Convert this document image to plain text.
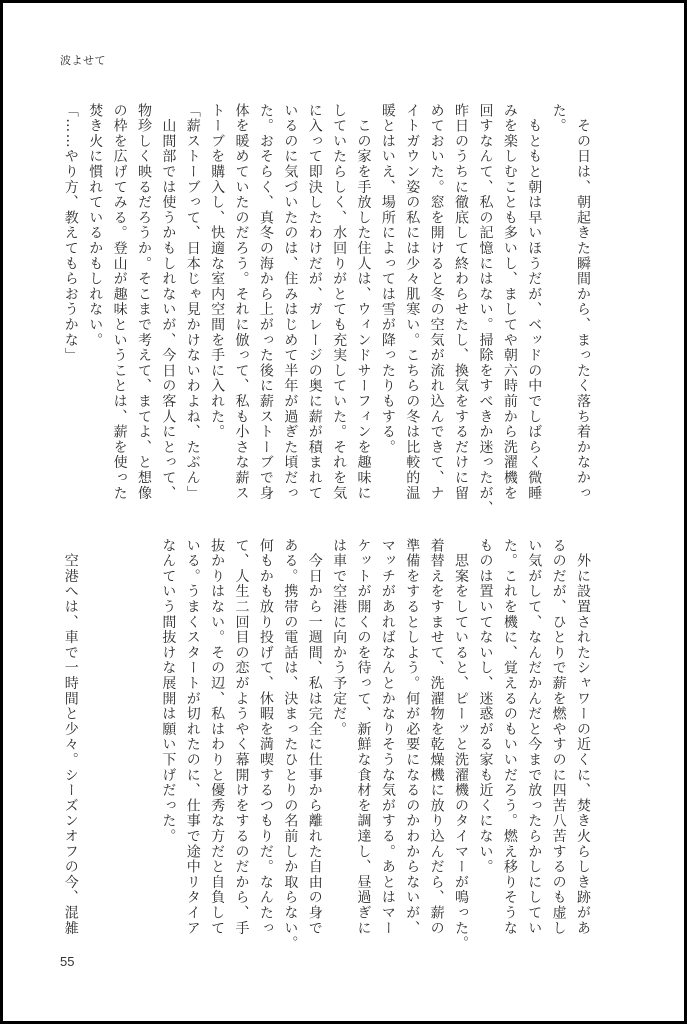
波よせて
　その日は、朝起きた瞬間から、まったく落ち着かなかっ
た。
　もともと朝は早いほうだが、ベッドの中でしばらく微睡
みを楽しむことも多いし、ましてや朝六時前から洗濯機を
回すなんて、私の記憶にはない。掃除をすべきか迷ったが、
昨日のうちに徹底して終わらせたし、換気をするだけに留
めておいた。窓を開けると冬の空気が流れ込んできて、ナ
イトガウン姿の私には少々肌寒い。こちらの冬は比較的温
暖とはいえ、場所によっては雪が降ったりもする。
　この家を手放した住人は、ウィンドサーフィンを趣味に
していたらしく、水回りがとても充実していた。それを気
に入って即決したわけだが、ガレージの奥に薪が積まれて
いるのに気づいたのは、住みはじめて半年が過ぎた頃だっ
た。おそらく、真冬の海から上がった後に薪ストーブで身
体を暖めていたのだろう。それに倣って、私も小さな薪ス
トーブを購入し、快適な室内空間を手に入れた。
「薪ストーブって、日本じゃ見かけないわよね、たぶん」
　山間部では使うかもしれないが、今日の客人にとって、
物珍しく映るだろうか。そこまで考えて、まてよ、と想像
の枠を広げてみる。登山が趣味ということは、薪を使った
焚き火に慣れているかもしれない。
「……やり方、教えてもらおうかな」
　外に設置されたシャワーの近くに、焚き火らしき跡があ
るのだが、ひとりで薪を燃やすのに四苦八苦するのも虚し
い気がして、なんだかんだと今まで放ったらかしにしてい
た。これを機に、覚えるのもいいだろう。燃え移りそうな
ものは置いてないし、迷惑がる家も近くにない。
　思案をしていると、ピーッと洗濯機のタイマーが鳴った。
着替えをすませて、洗濯物を乾燥機に放り込んだら、薪の
準備をするとしよう。何が必要になるのかわからないが、
マッチがあればなんとかなりそうな気がする。あとはマー
ケットが開くのを待って、新鮮な食材を調達し、昼過ぎに
は車で空港に向かう予定だ。
　今日から一週間、私は完全に仕事から離れた自由の身で
ある。携帯の電話は、決まったひとりの名前しか取らない。
何もかも放り投げて、休暇を満喫するつもりだ。なんたっ
て、人生二回目の恋がようやく幕開けをするのだから、手
抜かりはない。その辺、私はわりと優秀な方だと自負して
いる。うまくスタートが切れたのに、仕事で途中リタイア
なんていう間抜けな展開は願い下げだった。
　空港へは、車で一時間と少々。シーズンオフの今、混雑
55
